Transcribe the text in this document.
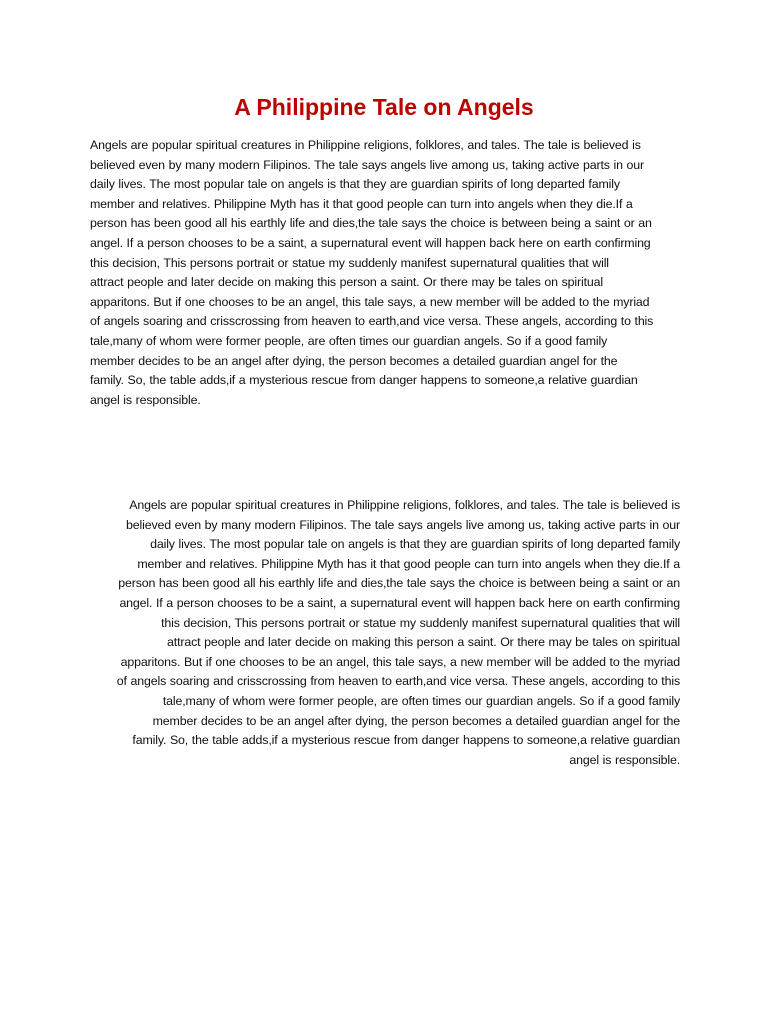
A Philippine Tale on Angels

Angels are popular spiritual creatures in Philippine religions, folklores, and tales. The tale is believed is
believed even by many modern Filipinos. The tale says angels live among us, taking active parts in our
daily lives. The most popular tale on angels is that they are guardian spirits of long departed family
member and relatives. Philippine Myth has it that good people can turn into angels when they die.If a
person has been good all his earthly life and dies,the tale says the choice is between being a saint or an
angel. If a person chooses to be a saint, a supernatural event will happen back here on earth confirming
this decision, This persons portrait or statue my suddenly manifest supernatural qualities that will
attract people and later decide on making this person a saint. Or there may be tales on spiritual
apparitons. But if one chooses to be an angel, this tale says, a new member will be added to the myriad
of angels soaring and crisscrossing from heaven to earth,and vice versa. These angels, according to this
tale,many of whom were former people, are often times our guardian angels. So if a good family
member decides to be an angel after dying, the person becomes a detailed guardian angel for the
family. So, the table adds,if a mysterious rescue from danger happens to someone,a relative guardian
angel is responsible.

Angels are popular spiritual creatures in Philippine religions, folklores, and tales. The tale is believed is
believed even by many modern Filipinos. The tale says angels live among us, taking active parts in our
daily lives. The most popular tale on angels is that they are guardian spirits of long departed family
member and relatives. Philippine Myth has it that good people can turn into angels when they die.If a
person has been good all his earthly life and dies,the tale says the choice is between being a saint or an
angel. If a person chooses to be a saint, a supernatural event will happen back here on earth confirming
this decision, This persons portrait or statue my suddenly manifest supernatural qualities that will
attract people and later decide on making this person a saint. Or there may be tales on spiritual
apparitons. But if one chooses to be an angel, this tale says, a new member will be added to the myriad
of angels soaring and crisscrossing from heaven to earth,and vice versa. These angels, according to this
tale,many of whom were former people, are often times our guardian angels. So if a good family
member decides to be an angel after dying, the person becomes a detailed guardian angel for the
family. So, the table adds,if a mysterious rescue from danger happens to someone,a relative guardian
angel is responsible.
